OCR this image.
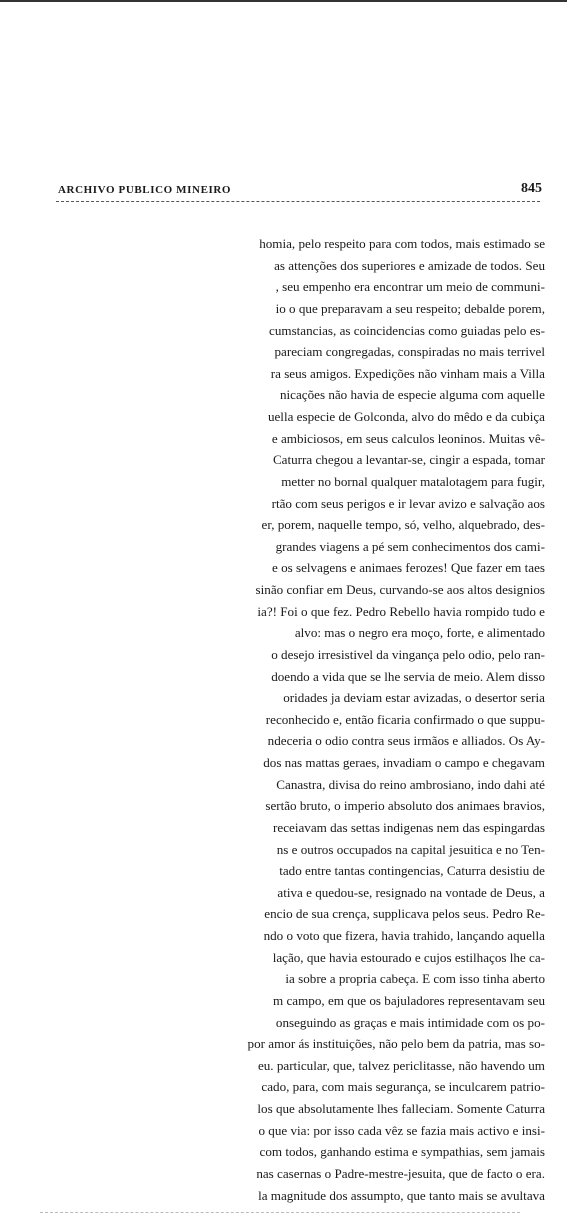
ARCHIVO PUBLICO MINEIRO	845
homia, pelo respeito para com todos, mais estimado se
as attenções dos superiores e amizade de todos. Seu
, seu empenho era encontrar um meio de communi-
io o que preparavam a seu respeito; debalde porem,
cumstancias, as coincidencias como guiadas pelo es-
pareciam congregadas, conspiradas no mais terrivel
ra seus amigos. Expedições não vinham mais a Villa
nicações não havia de especie alguma com aquelle
uella especie de Golconda, alvo do mêdo e da cubiça
e ambiciosos, em seus calculos leoninos. Muitas vê-
Caturra chegou a levantar-se, cingir a espada, tomar
metter no bornal qualquer matalotagem para fugir,
rtão com seus perigos e ir levar avizo e salvação aos
er, porem, naquelle tempo, só, velho, alquebrado, des-
grandes viagens a pé sem conhecimentos dos cami-
e os selvagens e animaes ferozes! Que fazer em taes
sinão confiar em Deus, curvando-se aos altos designios
ia?! Foi o que fez. Pedro Rebello havia rompido tudo e
alvo: mas o negro era moço, forte, e alimentado
o desejo irresistivel da vingança pelo odio, pelo ran-
doendo a vida que se lhe servia de meio. Alem disso
oridades ja deviam estar avizadas, o desertor seria
reconhecido e, então ficaria confirmado o que suppu-
ndeceria o odio contra seus irmãos e alliados. Os Ay-
dos nas mattas geraes, invadiam o campo e chegavam
Canastra, divisa do reino ambrosiano, indo dahi até
sertão bruto, o imperio absoluto dos animaes bravios,
receiavam das settas indigenas nem das espingardas
ns e outros occupados na capital jesuitica e no Ten-
tado entre tantas contingencias, Caturra desistiu de
ativa e quedou-se, resignado na vontade de Deus, a
encio de sua crença, supplicava pelos seus. Pedro Re-
ndo o voto que fizera, havia trahido, lançando aquella
lação, que havia estourado e cujos estilhaços lhe ca-
ia sobre a propria cabeça. E com isso tinha aberto
m campo, em que os bajuladores representavam seu
onseguindo as graças e mais intimidade com os po-
por amor ás instituições, não pelo bem da patria, mas so-
eu. particular, que, talvez periclitasse, não havendo um
cado, para, com mais segurança, se inculcarem patrio-
los que absolutamente lhes falleciam. Somente Caturra
o que via: por isso cada vêz se fazia mais activo e insi-
com todos, ganhando estima e sympathias, sem jamais
nas casernas o Padre-mestre-jesuita, que de facto o era.
la magnitude dos assumpto, que tanto mais se avultava
